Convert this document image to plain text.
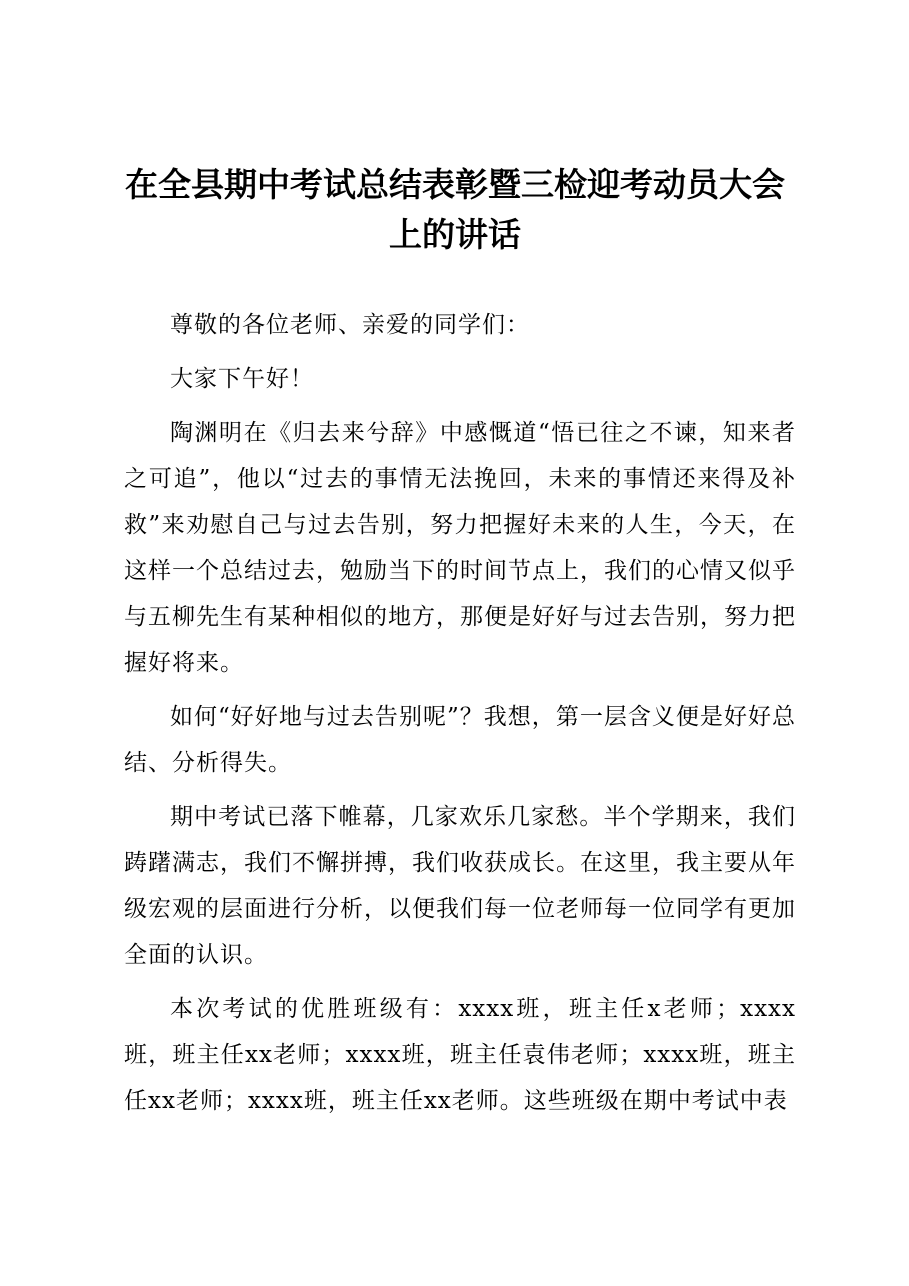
在全县期中考试总结表彰暨三检迎考动员大会上的讲话

尊敬的各位老师、亲爱的同学们：

大家下午好！

陶渊明在《归去来兮辞》中感慨道“悟已往之不谏，知来者之可追”，他以“过去的事情无法挽回，未来的事情还来得及补救”来劝慰自己与过去告别，努力把握好未来的人生，今天，在这样一个总结过去，勉励当下的时间节点上，我们的心情又似乎与五柳先生有某种相似的地方，那便是好好与过去告别，努力把握好将来。

如何“好好地与过去告别呢”？我想，第一层含义便是好好总结、分析得失。

期中考试已落下帷幕，几家欢乐几家愁。半个学期来，我们踌躇满志，我们不懈拼搏，我们收获成长。在这里，我主要从年级宏观的层面进行分析，以便我们每一位老师每一位同学有更加全面的认识。

本次考试的优胜班级有：xxxx班，班主任x老师；xxxx班，班主任xx老师；xxxx班，班主任袁伟老师；xxxx班，班主任xx老师；xxxx班，班主任xx老师。这些班级在期中考试中表
